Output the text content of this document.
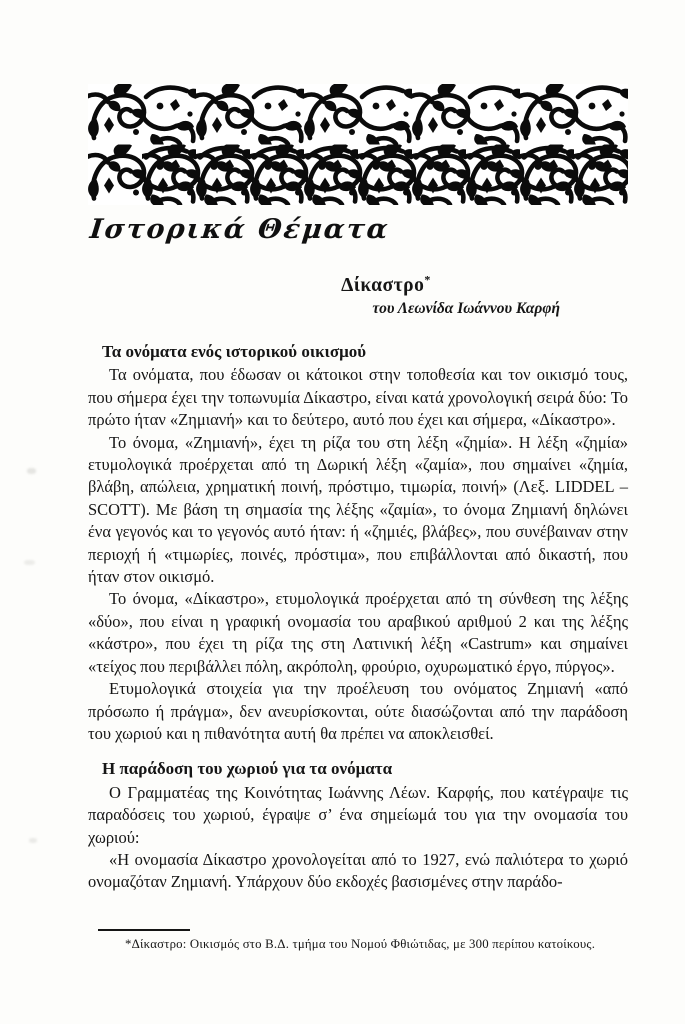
Ιστορικά Θέματα
Δίκαστρο*
του Λεωνίδα Ιωάννου Καρφή
Τα ονόματα ενός ιστορικού οικισμού

Τα ονόματα, που έδωσαν οι κάτοικοι στην τοποθεσία και τον οικισμό τους, που σήμερα έχει την τοπωνυμία Δίκαστρο, είναι κατά χρονολογική σειρά δύο: Το πρώτο ήταν «Ζημιανή» και το δεύτερο, αυτό που έχει και σήμερα, «Δίκαστρο».

Το όνομα, «Ζημιανή», έχει τη ρίζα του στη λέξη «ζημία». Η λέξη «ζημία» ετυμολογικά προέρχεται από τη Δωρική λέξη «ζαμία», που σημαίνει «ζημία, βλάβη, απώλεια, χρηματική ποινή, πρόστιμο, τιμωρία, ποινή» (Λεξ. LIDDEL – SCOTT). Με βάση τη σημασία της λέξης «ζαμία», το όνομα Ζημιανή δηλώνει ένα γεγονός και το γεγονός αυτό ήταν: ή «ζημιές, βλάβες», που συνέβαιναν στην περιοχή ή «τιμωρίες, ποινές, πρόστιμα», που επιβάλλονται από δικαστή, που ήταν στον οικισμό.

Το όνομα, «Δίκαστρο», ετυμολογικά προέρχεται από τη σύνθεση της λέξης «δύο», που είναι η γραφική ονομασία του αραβικού αριθμού 2 και της λέξης «κάστρο», που έχει τη ρίζα της στη Λατινική λέξη «Castrum» και σημαίνει «τείχος που περιβάλλει πόλη, ακρόπολη, φρούριο, οχυρωματικό έργο, πύργος».

Ετυμολογικά στοιχεία για την προέλευση του ονόματος Ζημιανή «από πρόσωπο ή πράγμα», δεν ανευρίσκονται, ούτε διασώζονται από την παράδοση του χωριού και η πιθανότητα αυτή θα πρέπει να αποκλεισθεί.

Η παράδοση του χωριού για τα ονόματα

Ο Γραμματέας της Κοινότητας Ιωάννης Λέων. Καρφής, που κατέγραψε τις παραδόσεις του χωριού, έγραψε σ’ ένα σημείωμά του για την ονομασία του χωριού:

«Η ονομασία Δίκαστρο χρονολογείται από το 1927, ενώ παλιότερα το χωριό ονομαζόταν Ζημιανή. Υπάρχουν δύο εκδοχές βασισμένες στην παράδο-

*Δίκαστρο: Οικισμός στο Β.Δ. τμήμα του Νομού Φθιώτιδας, με 300 περίπου κατοίκους.
